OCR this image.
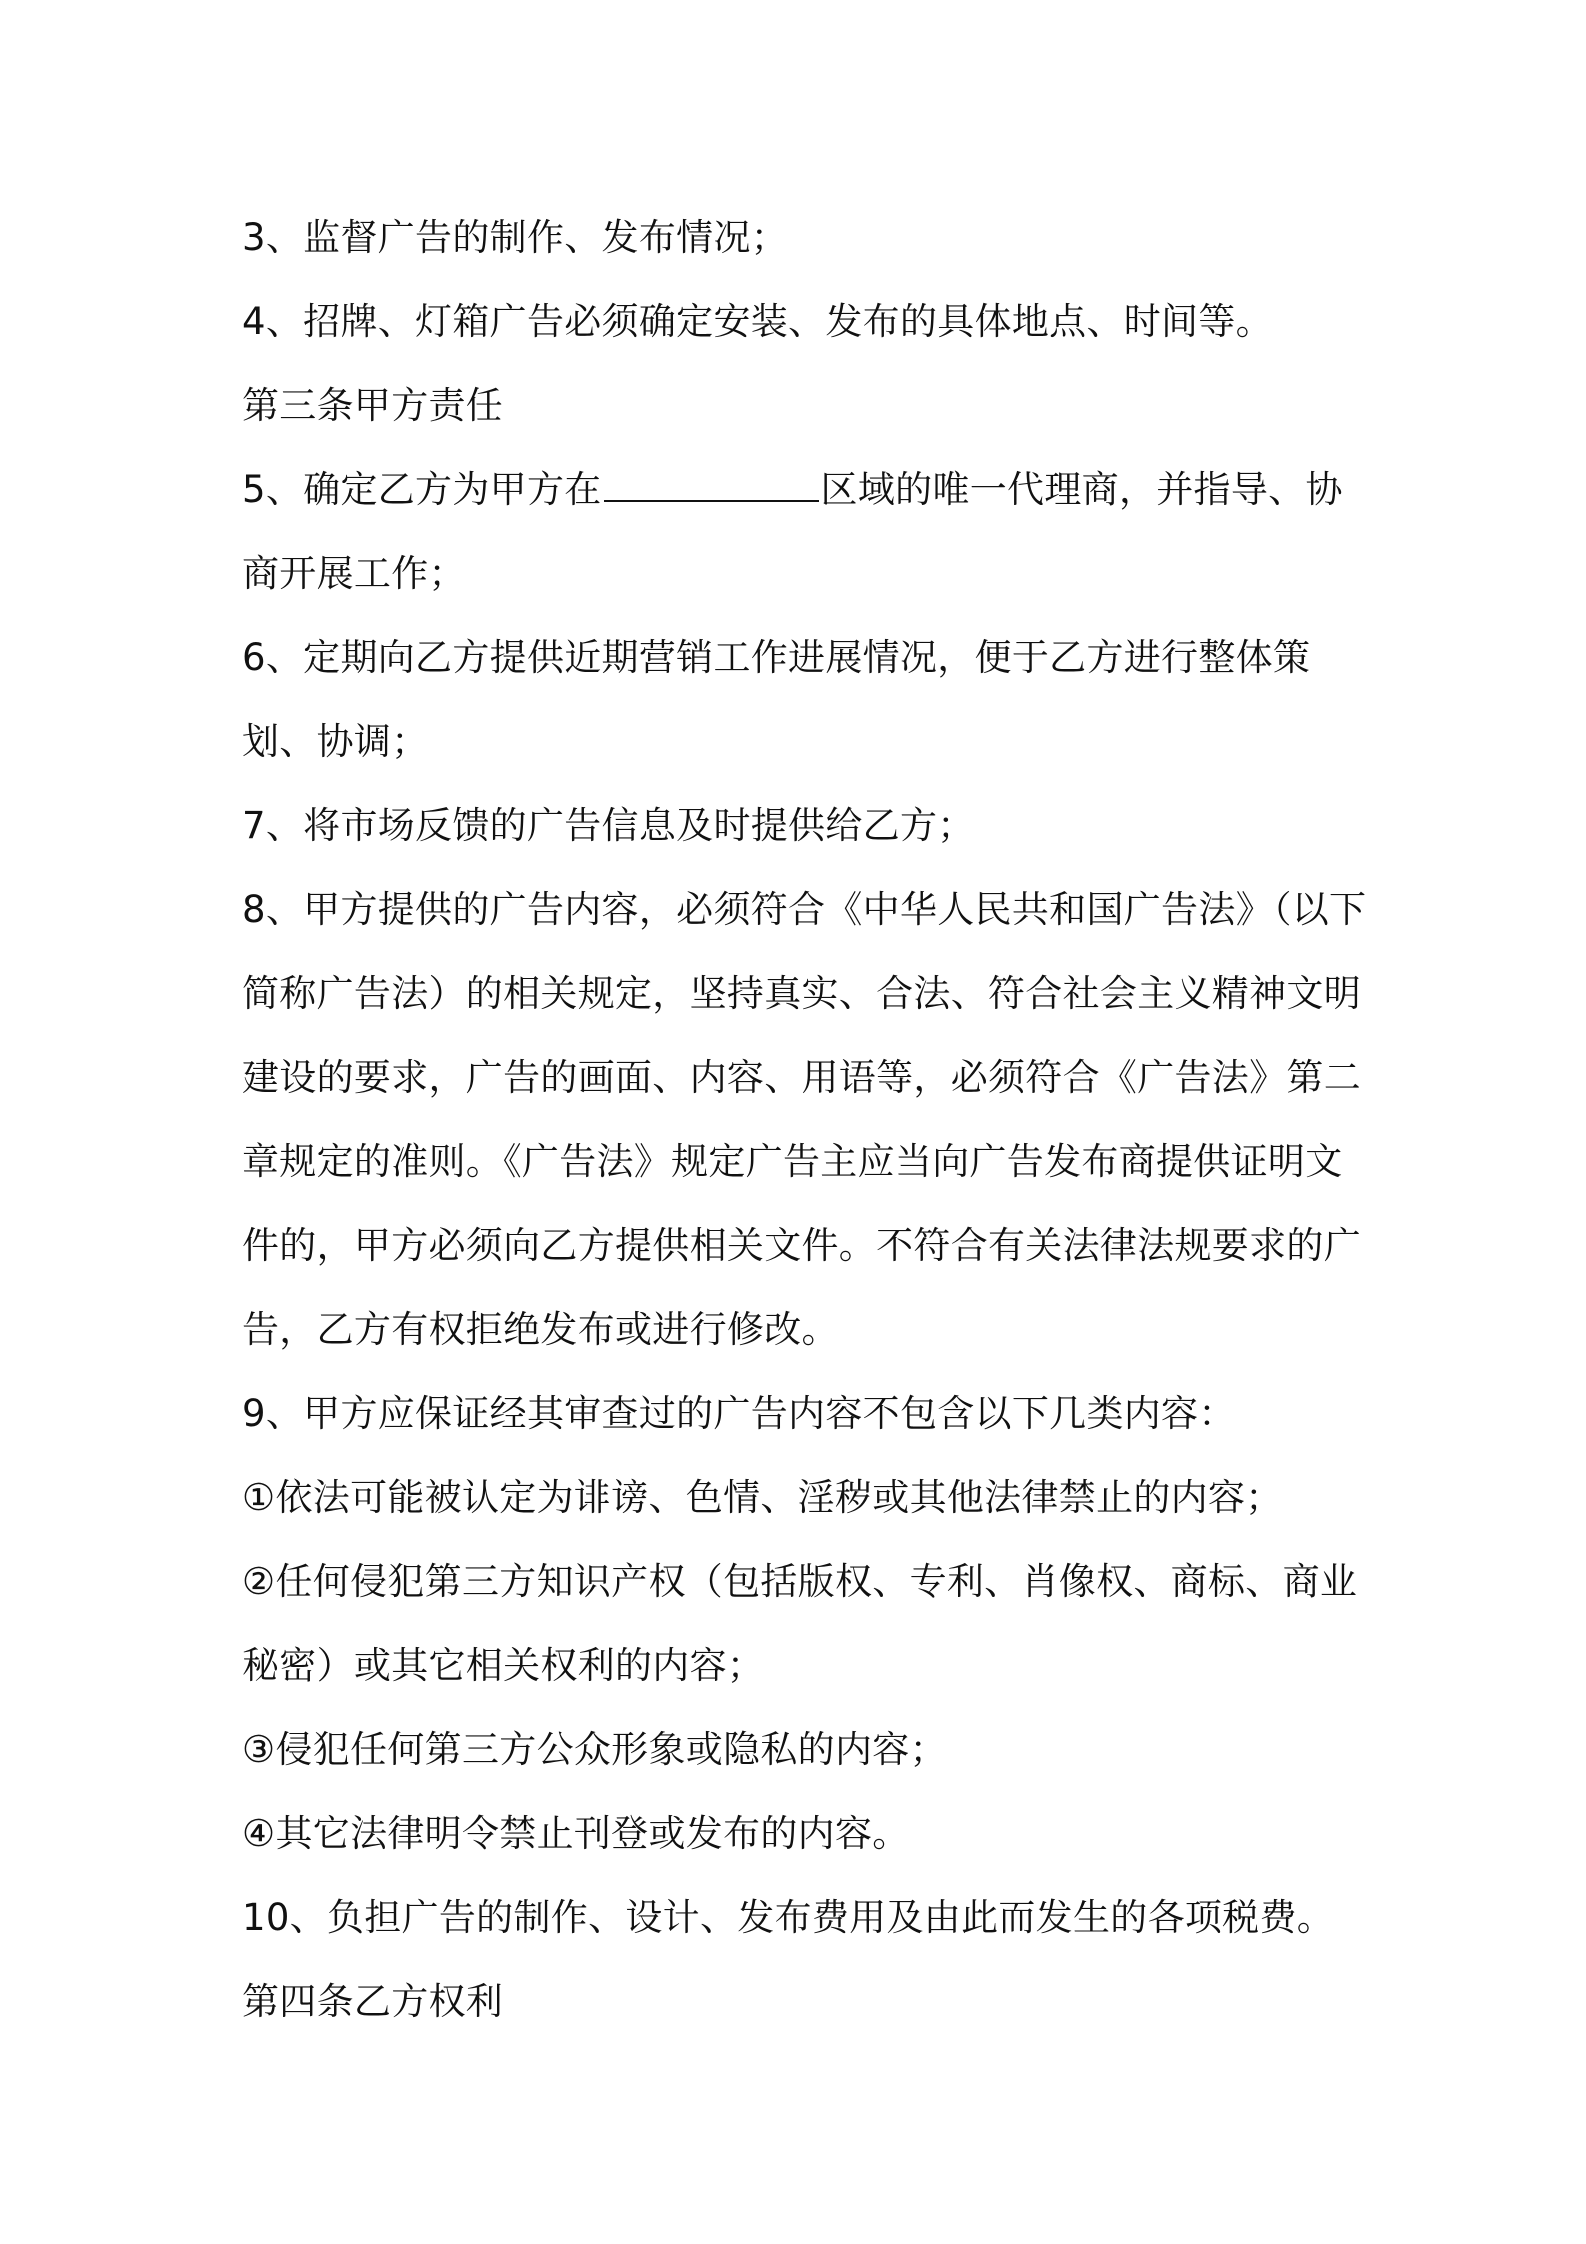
3、监督广告的制作、发布情况；

4、招牌、灯箱广告必须确定安装、发布的具体地点、时间等。

第三条甲方责任

5、确定乙方为甲方在	区域的唯一代理商，并指导、协商开展工作；

6、定期向乙方提供近期营销工作进展情况，便于乙方进行整体策划、协调；

7、将市场反馈的广告信息及时提供给乙方；

8、甲方提供的广告内容，必须符合《中华人民共和国广告法》（以下简称广告法）的相关规定，坚持真实、合法、符合社会主义精神文明建设的要求，广告的画面、内容、用语等，必须符合《广告法》第二章规定的准则。《广告法》规定广告主应当向广告发布商提供证明文件的，甲方必须向乙方提供相关文件。不符合有关法律法规要求的广告，乙方有权拒绝发布或进行修改。

9、甲方应保证经其审查过的广告内容不包含以下几类内容：

①依法可能被认定为诽谤、色情、淫秽或其他法律禁止的内容；

②任何侵犯第三方知识产权（包括版权、专利、肖像权、商标、商业秘密）或其它相关权利的内容；

③侵犯任何第三方公众形象或隐私的内容；

④其它法律明令禁止刊登或发布的内容。

10、负担广告的制作、设计、发布费用及由此而发生的各项税费。

第四条乙方权利
